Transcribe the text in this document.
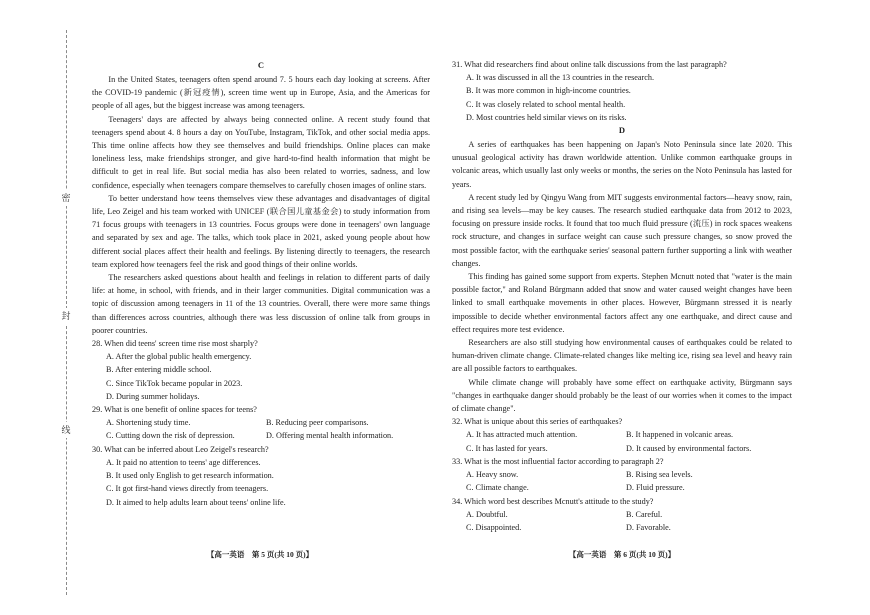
密
封
线
C

In the United States, teenagers often spend around 7. 5 hours each day looking at screens. After the COVID-19 pandemic (新冠疫情), screen time went up in Europe, Asia, and the Americas for people of all ages, but the biggest increase was among teenagers.

Teenagers' days are affected by always being connected online. A recent study found that teenagers spend about 4. 8 hours a day on YouTube, Instagram, TikTok, and other social media apps. This time online affects how they see themselves and build friendships. Online places can make loneliness less, make friendships stronger, and give hard-to-find health information that might be difficult to get in real life. But social media has also been related to worries, sadness, and low confidence, especially when teenagers compare themselves to carefully chosen images of online stars.

To better understand how teens themselves view these advantages and disadvantages of digital life, Leo Zeigel and his team worked with UNICEF (联合国儿童基金会) to study information from 71 focus groups with teenagers in 13 countries. Focus groups were done in teenagers' own language and separated by sex and age. The talks, which took place in 2021, asked young people about how different social places affect their health and feelings. By listening directly to teenagers, the research team explored how teenagers feel the risk and good things of their online worlds.

The researchers asked questions about health and feelings in relation to different parts of daily life: at home, in school, with friends, and in their larger communities. Digital communication was a topic of discussion among teenagers in 11 of the 13 countries. Overall, there were more same things than differences across countries, although there was less discussion of online talk from groups in poorer countries.

28. When did teens' screen time rise most sharply?
A. After the global public health emergency.
B. After entering middle school.
C. Since TikTok became popular in 2023.
D. During summer holidays.
29. What is one benefit of online spaces for teens?
A. Shortening study time.	B. Reducing peer comparisons.
C. Cutting down the risk of depression.	D. Offering mental health information.
30. What can be inferred about Leo Zeigel's research?
A. It paid no attention to teens' age differences.
B. It used only English to get research information.
C. It got first-hand views directly from teenagers.
D. It aimed to help adults learn about teens' online life.
31. What did researchers find about online talk discussions from the last paragraph?
A. It was discussed in all the 13 countries in the research.
B. It was more common in high-income countries.
C. It was closely related to school mental health.
D. Most countries held similar views on its risks.
D

A series of earthquakes has been happening on Japan's Noto Peninsula since late 2020. This unusual geological activity has drawn worldwide attention. Unlike common earthquake groups in volcanic areas, which usually last only weeks or months, the series on the Noto Peninsula has lasted for years.

A recent study led by Qingyu Wang from MIT suggests environmental factors—heavy snow, rain, and rising sea levels—may be key causes. The research studied earthquake data from 2012 to 2023, focusing on pressure inside rocks. It found that too much fluid pressure (流压) in rock spaces weakens rock structure, and changes in surface weight can cause such pressure changes, so snow proved the most possible factor, with the earthquake series' seasonal pattern further supporting a link with weather changes.

This finding has gained some support from experts. Stephen Mcnutt noted that "water is the main possible factor," and Roland Bürgmann added that snow and water caused weight changes have been linked to small earthquake movements in other places. However, Bürgmann stressed it is nearly impossible to decide whether environmental factors affect any one earthquake, and direct cause and effect requires more test evidence.

Researchers are also still studying how environmental causes of earthquakes could be related to human-driven climate change. Climate-related changes like melting ice, rising sea level and heavy rain are all possible factors to earthquakes.

While climate change will probably have some effect on earthquake activity, Bürgmann says "changes in earthquake danger should probably be the least of our worries when it comes to the impact of climate change".

32. What is unique about this series of earthquakes?
A. It has attracted much attention.	B. It happened in volcanic areas.
C. It has lasted for years.	D. It caused by environmental factors.
33. What is the most influential factor according to paragraph 2?
A. Heavy snow.	B. Rising sea levels.
C. Climate change.	D. Fluid pressure.
34. Which word best describes Mcnutt's attitude to the study?
A. Doubtful.	B. Careful.
C. Disappointed.	D. Favorable.
【高一英语　第 5 页(共 10 页)】	【高一英语　第 6 页(共 10 页)】
